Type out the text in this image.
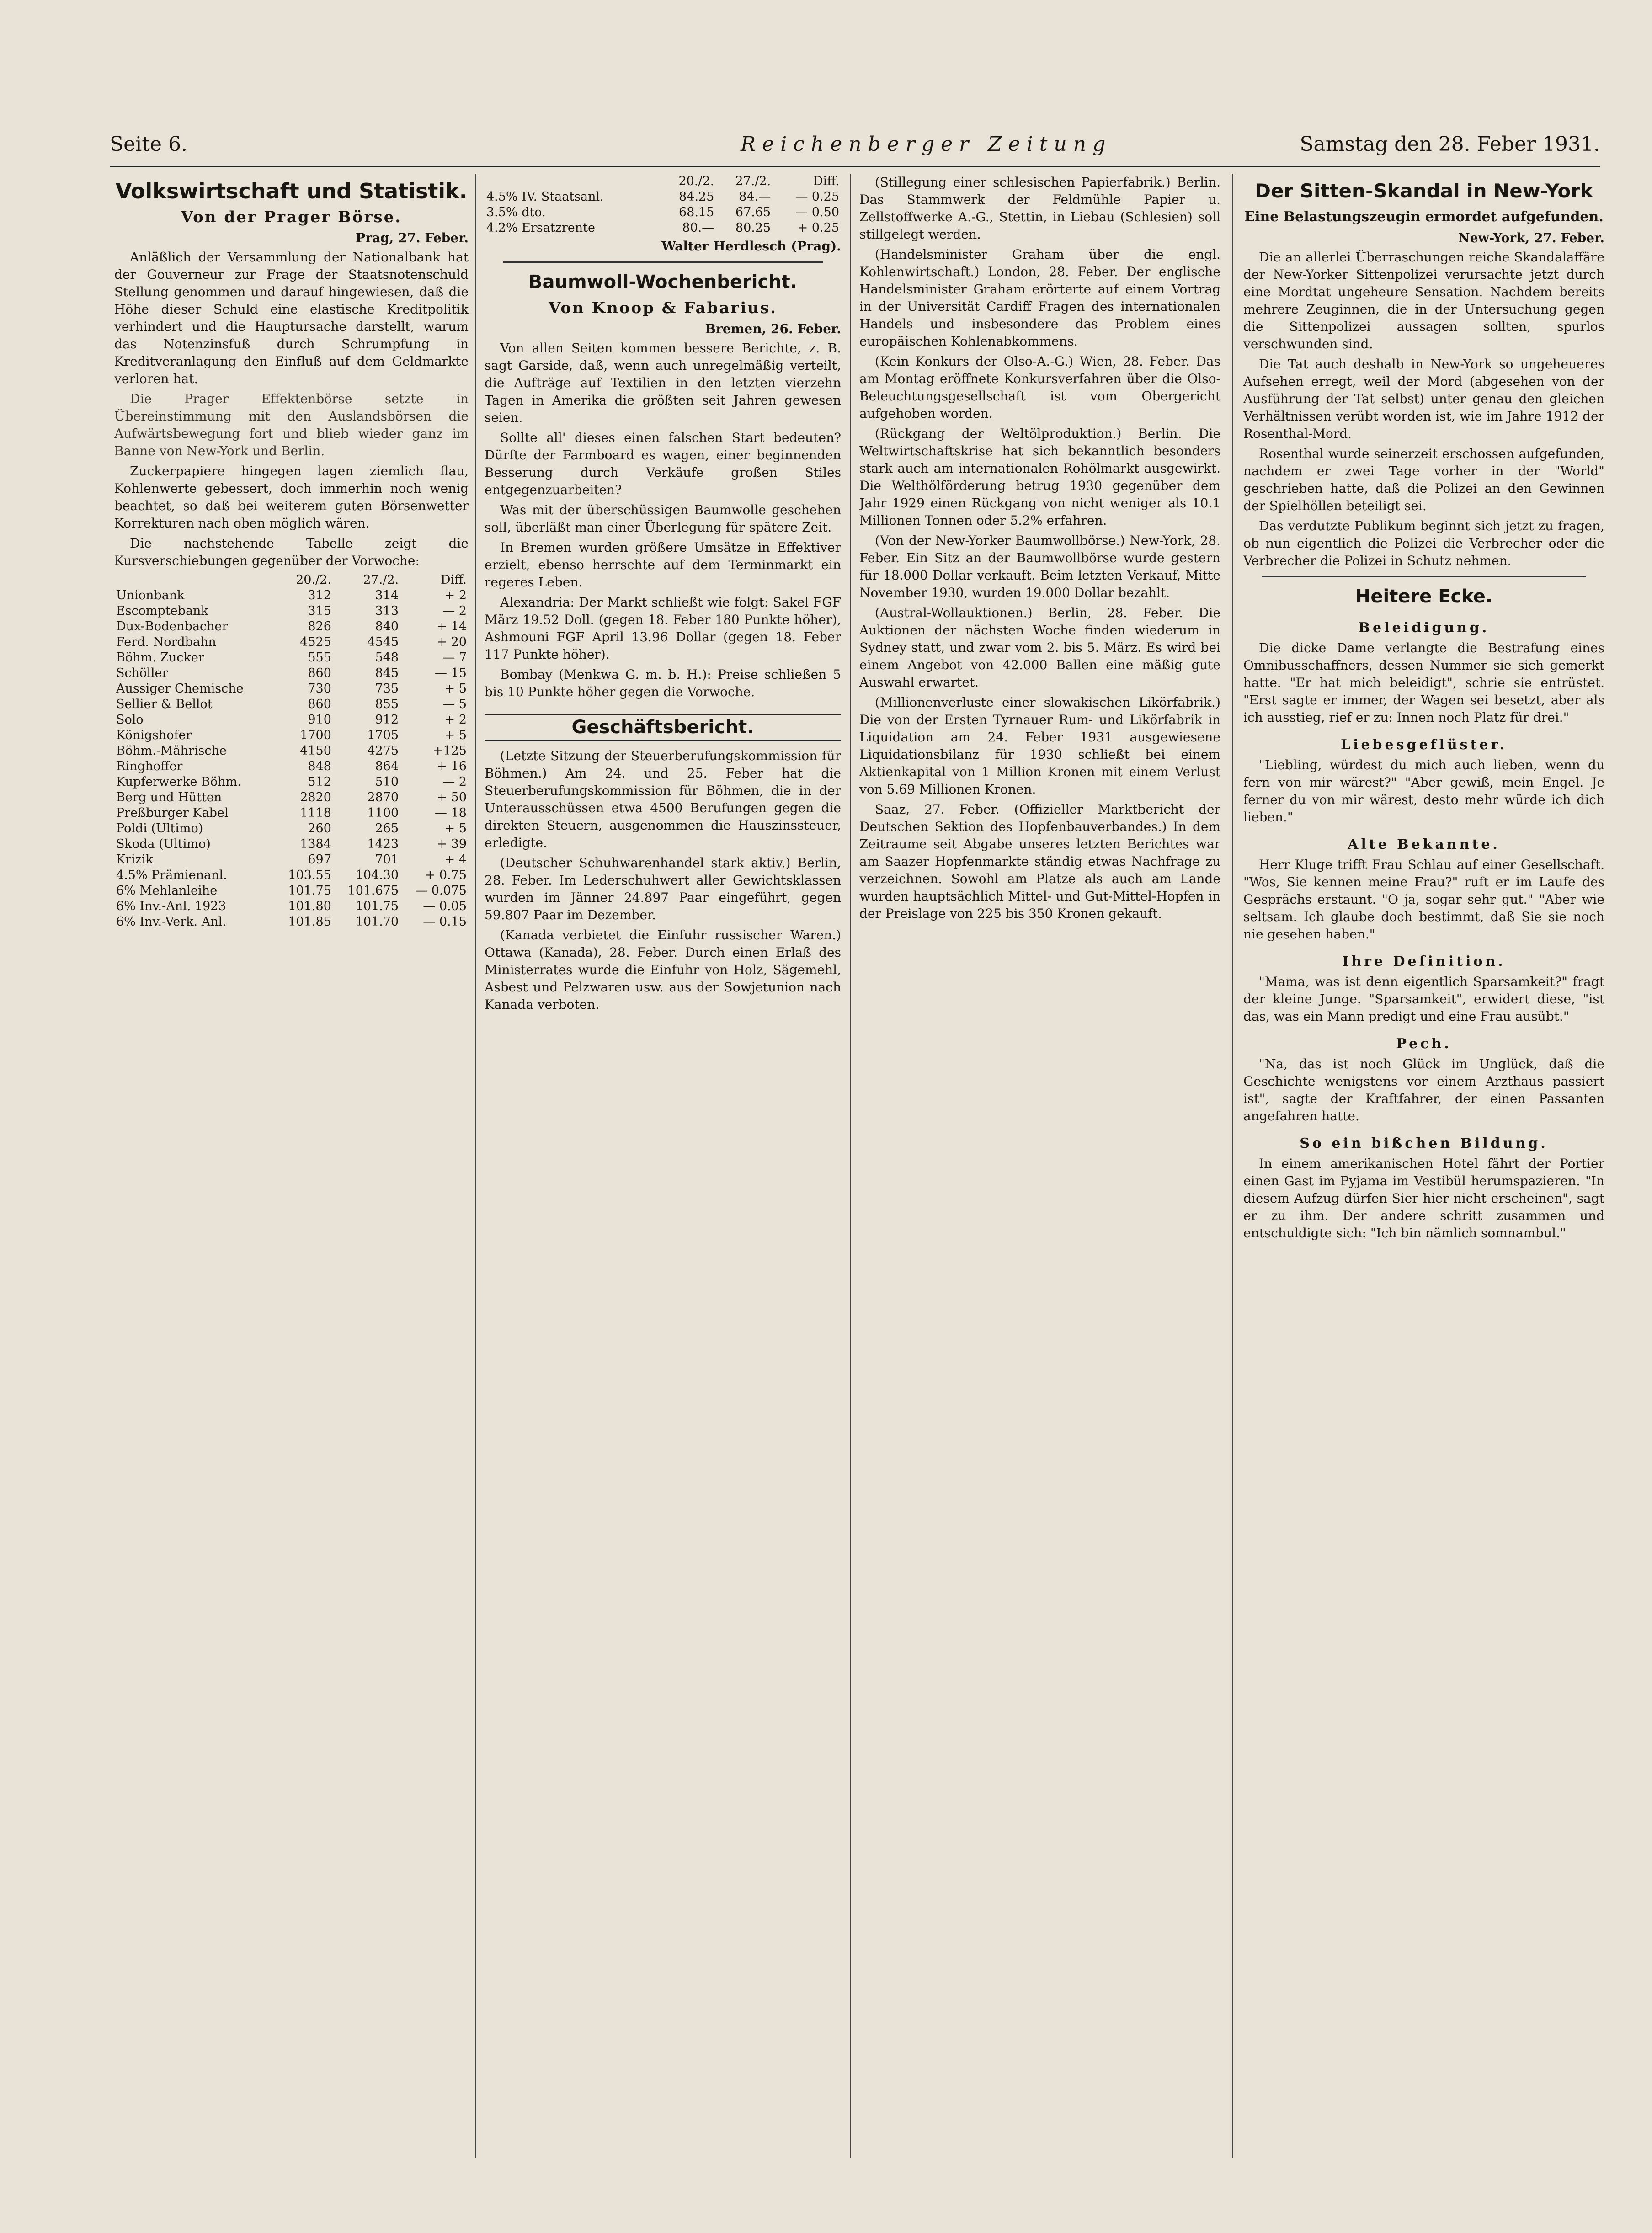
Seite 6.	Reichenberger Zeitung	Samstag den 28. Feber 1931.
Volkswirtschaft und Statistik.
Von der Prager Börse.
Prag, 27. Feber.

Anläßlich der Versammlung der Nationalbank hat der Gouverneur zur Frage der Staatsnotenschuld Stellung genommen und darauf hingewiesen, daß die Höhe dieser Schuld eine elastische Kreditpolitik verhindert und die Hauptursache darstellt, warum das Notenzinsfuß durch Schrumpfung in Kreditveranlagung den Einfluß auf dem Geldmarkte verloren hat.

Die Prager Effektenbörse setzte in Übereinstimmung mit den Auslandsbörsen die Aufwärtsbewegung fort und blieb wieder ganz im Banne von New-York und Berlin.

Zuckerpapiere hingegen lagen ziemlich flau, Kohlenwerte gebessert, doch immerhin noch wenig beachtet, so daß bei weiterem guten Börsenwetter Korrekturen nach oben möglich wären.

Die nachstehende Tabelle zeigt die Kursverschiebungen gegenüber der Vorwoche:

	20./2.	27./2.	Diff.
Unionbank	312	314	+ 2
Escomptebank	315	313	— 2
Dux-Bodenbacher	826	840	+ 14
Ferd. Nordbahn	4525	4545	+ 20
Böhm. Zucker	555	548	— 7
Schöller	860	845	— 15
Aussiger Chemische	730	735	+ 5
Sellier & Bellot	860	855	— 5
Solo	910	912	+ 2
Königshofer	1700	1705	+ 5
Böhm.-Mährische	4150	4275	+125
Ringhoffer	848	864	+ 16
Kupferwerke Böhm.	512	510	— 2
Berg und Hütten	2820	2870	+ 50
Preßburger Kabel	1118	1100	— 18
Poldi (Ultimo)	260	265	+ 5
Skoda (Ultimo)	1384	1423	+ 39
Krizik	697	701	+ 4
4.5% Prämienanl.	103.55	104.30	+ 0.75
6% Mehlanleihe	101.75	101.675	— 0.075
6% Inv.-Anl. 1923	101.80	101.75	— 0.05
6% Inv.-Verk. Anl.	101.85	101.70	— 0.15
	20./2.	27./2.	Diff.
4.5% IV. Staatsanl.	84.25	84.—	— 0.25
3.5% dto.	68.15	67.65	— 0.50
4.2% Ersatzrente	80.—	80.25	+ 0.25
Walter Herdlesch (Prag).
Baumwoll-Wochenbericht.
Von Knoop & Fabarius.
Bremen, 26. Feber.

Von allen Seiten kommen bessere Berichte, z. B. sagt Garside, daß, wenn auch unregelmäßig verteilt, die Aufträge auf Textilien in den letzten vierzehn Tagen in Amerika die größten seit Jahren gewesen seien.

Sollte all' dieses einen falschen Start bedeuten? Dürfte der Farmboard es wagen, einer beginnenden Besserung durch Verkäufe großen Stiles entgegenzuarbeiten?

Was mit der überschüssigen Baumwolle geschehen soll, überläßt man einer Überlegung für spätere Zeit.

In Bremen wurden größere Umsätze in Effektiver erzielt, ebenso herrschte auf dem Terminmarkt ein regeres Leben.

Alexandria: Der Markt schließt wie folgt: Sakel FGF März 19.52 Doll. (gegen 18. Feber 180 Punkte höher), Ashmouni FGF April 13.96 Dollar (gegen 18. Feber 117 Punkte höher).

Bombay (Menkwa G. m. b. H.): Preise schließen 5 bis 10 Punkte höher gegen die Vorwoche.

Geschäftsbericht.

(Letzte Sitzung der Steuerberufungskommission für Böhmen.) Am 24. und 25. Feber hat die Steuerberufungskommission für Böhmen, die in der Unterausschüssen etwa 4500 Berufungen gegen die direkten Steuern, ausgenommen die Hauszinssteuer, erledigte.

(Deutscher Schuhwarenhandel stark aktiv.) Berlin, 28. Feber. Im Lederschuhwert aller Gewichtsklassen wurden im Jänner 24.897 Paar eingeführt, gegen 59.807 Paar im Dezember.

(Kanada verbietet die Einfuhr russischer Waren.) Ottawa (Kanada), 28. Feber. Durch einen Erlaß des Ministerrates wurde die Einfuhr von Holz, Sägemehl, Asbest und Pelzwaren usw. aus der Sowjetunion nach Kanada verboten.

(Stillegung einer schlesischen Papierfabrik.) Berlin. Das Stammwerk der Feldmühle Papier u. Zellstoffwerke A.-G., Stettin, in Liebau (Schlesien) soll stillgelegt werden.

(Handelsminister Graham über die engl. Kohlenwirtschaft.) London, 28. Feber. Der englische Handelsminister Graham erörterte auf einem Vortrag in der Universität Cardiff Fragen des internationalen Handels und insbesondere das Problem eines europäischen Kohlenabkommens.

(Kein Konkurs der Olso-A.-G.) Wien, 28. Feber. Das am Montag eröffnete Konkursverfahren über die Olso-Beleuchtungsgesellschaft ist vom Obergericht aufgehoben worden.

(Rückgang der Weltölproduktion.) Berlin. Die Weltwirtschaftskrise hat sich bekanntlich besonders stark auch am internationalen Rohölmarkt ausgewirkt. Die Welthölförderung betrug 1930 gegenüber dem Jahr 1929 einen Rückgang von nicht weniger als 10.1 Millionen Tonnen oder 5.2% erfahren.

(Von der New-Yorker Baumwollbörse.) New-York, 28. Feber. Ein Sitz an der Baumwollbörse wurde gestern für 18.000 Dollar verkauft. Beim letzten Verkauf, Mitte November 1930, wurden 19.000 Dollar bezahlt.

(Austral-Wollauktionen.) Berlin, 28. Feber. Die Auktionen der nächsten Woche finden wiederum in Sydney statt, und zwar vom 2. bis 5. März. Es wird bei einem Angebot von 42.000 Ballen eine mäßig gute Auswahl erwartet.

(Millionenverluste einer slowakischen Likörfabrik.) Die von der Ersten Tyrnauer Rum- und Likörfabrik in Liquidation am 24. Feber 1931 ausgewiesene Liquidationsbilanz für 1930 schließt bei einem Aktienkapital von 1 Million Kronen mit einem Verlust von 5.69 Millionen Kronen.

Saaz, 27. Feber. (Offizieller Marktbericht der Deutschen Sektion des Hopfenbauverbandes.) In dem Zeitraume seit Abgabe unseres letzten Berichtes war am Saazer Hopfenmarkte ständig etwas Nachfrage zu verzeichnen. Sowohl am Platze als auch am Lande wurden hauptsächlich Mittel- und Gut-Mittel-Hopfen in der Preislage von 225 bis 350 Kronen gekauft.

Der Sitten-Skandal in New-York
Eine Belastungszeugin ermordet aufgefunden.
New-York, 27. Feber.

Die an allerlei Überraschungen reiche Skandalaffäre der New-Yorker Sittenpolizei verursachte jetzt durch eine Mordtat ungeheure Sensation. Nachdem bereits mehrere Zeuginnen, die in der Untersuchung gegen die Sittenpolizei aussagen sollten, spurlos verschwunden sind.

Die Tat auch deshalb in New-York so ungeheueres Aufsehen erregt, weil der Mord (abgesehen von der Ausführung der Tat selbst) unter genau den gleichen Verhältnissen verübt worden ist, wie im Jahre 1912 der Rosenthal-Mord.

Rosenthal wurde seinerzeit erschossen aufgefunden, nachdem er zwei Tage vorher in der "World" geschrieben hatte, daß die Polizei an den Gewinnen der Spielhöllen beteiligt sei.

Das verdutzte Publikum beginnt sich jetzt zu fragen, ob nun eigentlich die Polizei die Verbrecher oder die Verbrecher die Polizei in Schutz nehmen.

Heitere Ecke.
Beleidigung.

Die dicke Dame verlangte die Bestrafung eines Omnibusschaffners, dessen Nummer sie sich gemerkt hatte. "Er hat mich beleidigt", schrie sie entrüstet. "Erst sagte er immer, der Wagen sei besetzt, aber als ich ausstieg, rief er zu: Innen noch Platz für drei."

Liebesgeflüster.

"Liebling, würdest du mich auch lieben, wenn du fern von mir wärest?" "Aber gewiß, mein Engel. Je ferner du von mir wärest, desto mehr würde ich dich lieben."

Alte Bekannte.

Herr Kluge trifft Frau Schlau auf einer Gesellschaft. "Wos, Sie kennen meine Frau?" ruft er im Laufe des Gesprächs erstaunt. "O ja, sogar sehr gut." "Aber wie seltsam. Ich glaube doch bestimmt, daß Sie sie noch nie gesehen haben."

Ihre Definition.

"Mama, was ist denn eigentlich Sparsamkeit?" fragt der kleine Junge. "Sparsamkeit", erwidert diese, "ist das, was ein Mann predigt und eine Frau ausübt."

Pech.

"Na, das ist noch Glück im Unglück, daß die Geschichte wenigstens vor einem Arzthaus passiert ist", sagte der Kraftfahrer, der einen Passanten angefahren hatte.

So ein bißchen Bildung.

In einem amerikanischen Hotel fährt der Portier einen Gast im Pyjama im Vestibül herumspazieren. "In diesem Aufzug dürfen Sier hier nicht erscheinen", sagt er zu ihm. Der andere schritt zusammen und entschuldigte sich: "Ich bin nämlich somnambul."
